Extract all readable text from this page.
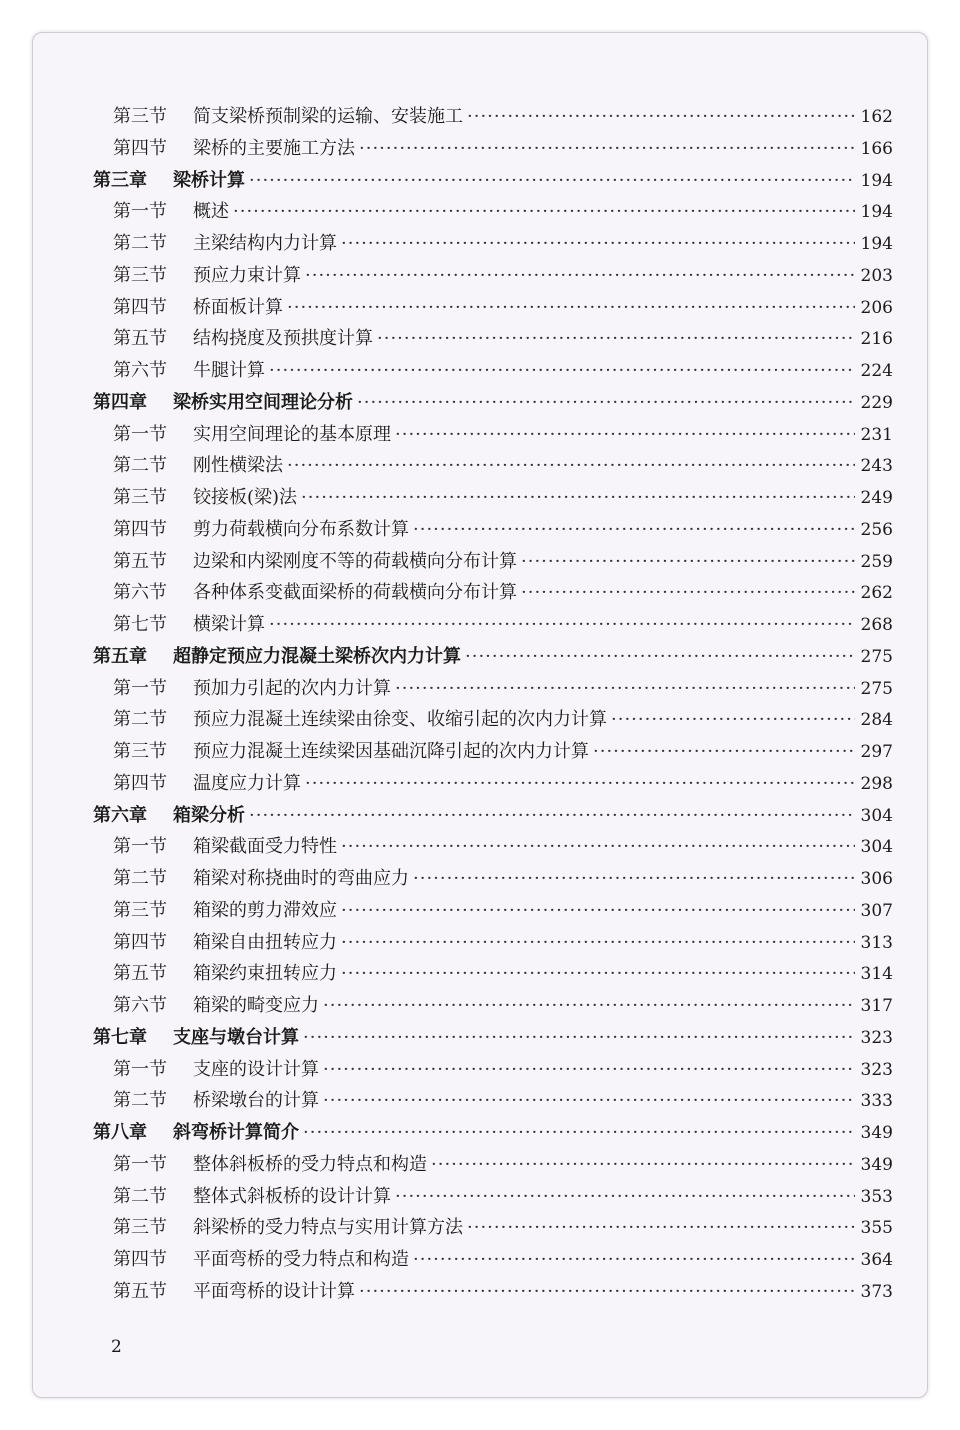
第三节	简支梁桥预制梁的运输、安装施工 ·····	162
第四节	梁桥的主要施工方法 ·····	166
第三章	梁桥计算 ·····	194
第一节	概述 ·····	194
第二节	主梁结构内力计算 ·····	194
第三节	预应力束计算 ·····	203
第四节	桥面板计算 ·····	206
第五节	结构挠度及预拱度计算 ·····	216
第六节	牛腿计算 ·····	224
第四章	梁桥实用空间理论分析 ·····	229
第一节	实用空间理论的基本原理 ·····	231
第二节	刚性横梁法 ·····	243
第三节	铰接板(梁)法 ·····	249
第四节	剪力荷载横向分布系数计算 ·····	256
第五节	边梁和内梁刚度不等的荷载横向分布计算 ·····	259
第六节	各种体系变截面梁桥的荷载横向分布计算 ·····	262
第七节	横梁计算 ·····	268
第五章	超静定预应力混凝土梁桥次内力计算 ·····	275
第一节	预加力引起的次内力计算 ·····	275
第二节	预应力混凝土连续梁由徐变、收缩引起的次内力计算 ·····	284
第三节	预应力混凝土连续梁因基础沉降引起的次内力计算 ·····	297
第四节	温度应力计算 ·····	298
第六章	箱梁分析 ·····	304
第一节	箱梁截面受力特性 ·····	304
第二节	箱梁对称挠曲时的弯曲应力 ·····	306
第三节	箱梁的剪力滞效应 ·····	307
第四节	箱梁自由扭转应力 ·····	313
第五节	箱梁约束扭转应力 ·····	314
第六节	箱梁的畸变应力 ·····	317
第七章	支座与墩台计算 ·····	323
第一节	支座的设计计算 ·····	323
第二节	桥梁墩台的计算 ·····	333
第八章	斜弯桥计算简介 ·····	349
第一节	整体斜板桥的受力特点和构造 ·····	349
第二节	整体式斜板桥的设计计算 ·····	353
第三节	斜梁桥的受力特点与实用计算方法 ·····	355
第四节	平面弯桥的受力特点和构造 ·····	364
第五节	平面弯桥的设计计算 ·····	373
2
